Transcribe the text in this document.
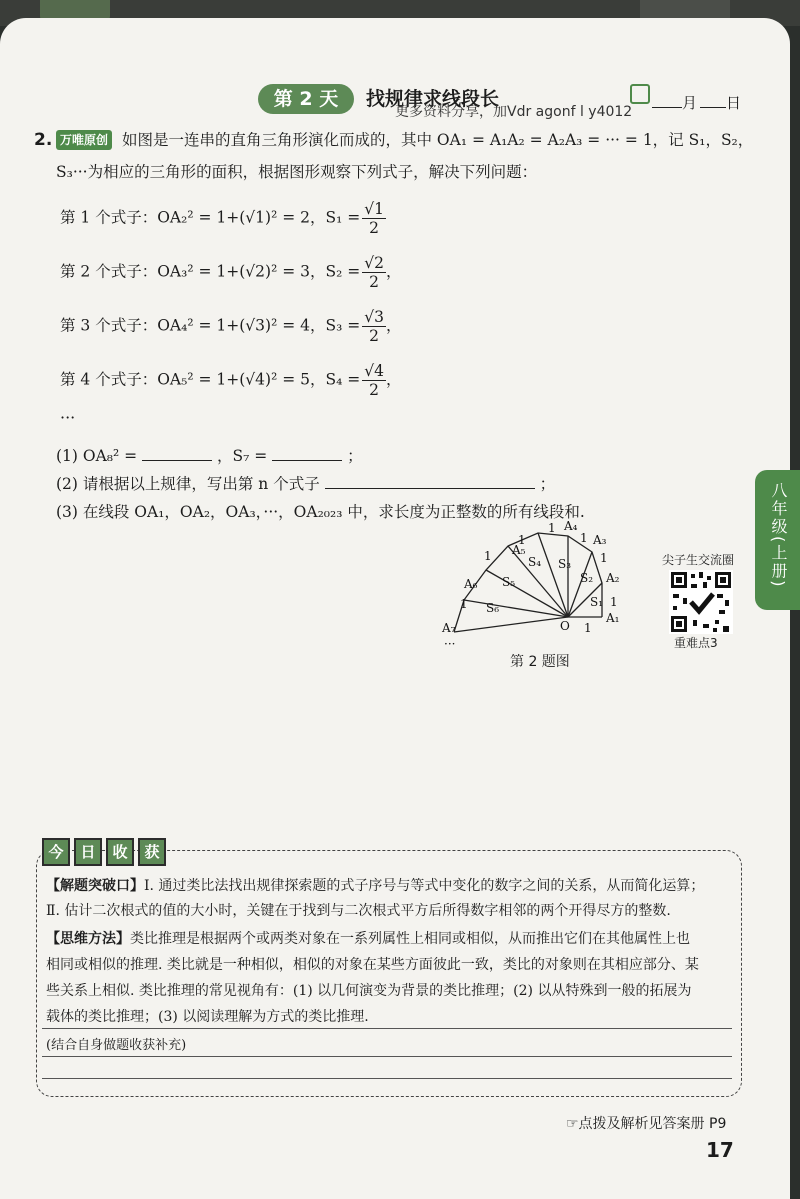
第 2 天	找规律求线段长
更多资料分享，加Vdr agonf l y4012	月	日
2. 万唯原创 如图是一连串的直角三角形演化而成的，其中 OA₁ = A₁A₂ = A₂A₃ = ··· = 1，记 S₁，S₂，
S₃···为相应的三角形的面积，根据图形观察下列式子，解决下列问题：
第 1 个式子：OA₂² = 1+(√1)² = 2，$S_1 = \frac{√1}{2}$
第 2 个式子：OA₃² = 1+(√2)² = 3，$S_2 = \frac{√2}{2}$ ，
第 3 个式子：OA₄² = 1+(√3)² = 4，$S_3 = \frac{√3}{2}$ ，
第 4 个式子：OA₅² = 1+(√4)² = 5，$S_4 = \frac{√4}{2}$ ，
···
(1) OA₈² =	，S₇ =	；
(2) 请根据以上规律，写出第 n 个式子	；
(3) 在线段 OA₁，OA₂，OA₃，···，OA₂₀₂₃ 中，求长度为正整数的所有线段和.
A₁
A₂
A₃
A₄
A₅
A₆
A₇	O
S₁
S₂
S₃
S₄
S₅
S₆
1
1
1
1
1
1
1
1
···
第 2 题图
尖子生交流圈
重难点3
八年级(上册)
今	日	收	获
【解题突破口】Ⅰ. 通过类比法找出规律探索题的式子序号与等式中变化的数字之间的关系，从而简化运算；
Ⅱ. 估计二次根式的值的大小时，关键在于找到与二次根式平方后所得数字相邻的两个开得尽方的整数.
【思维方法】类比推理是根据两个或两类对象在一系列属性上相同或相似，从而推出它们在其他属性上也
相同或相似的推理. 类比就是一种相似，相似的对象在某些方面彼此一致，类比的对象则在其相应部分、某
些关系上相似. 类比推理的常见视角有：(1) 以几何演变为背景的类比推理；(2) 以从特殊到一般的拓展为
载体的类比推理；(3) 以阅读理解为方式的类比推理.
(结合自身做题收获补充)
☞点拨及解析见答案册 P9
17
